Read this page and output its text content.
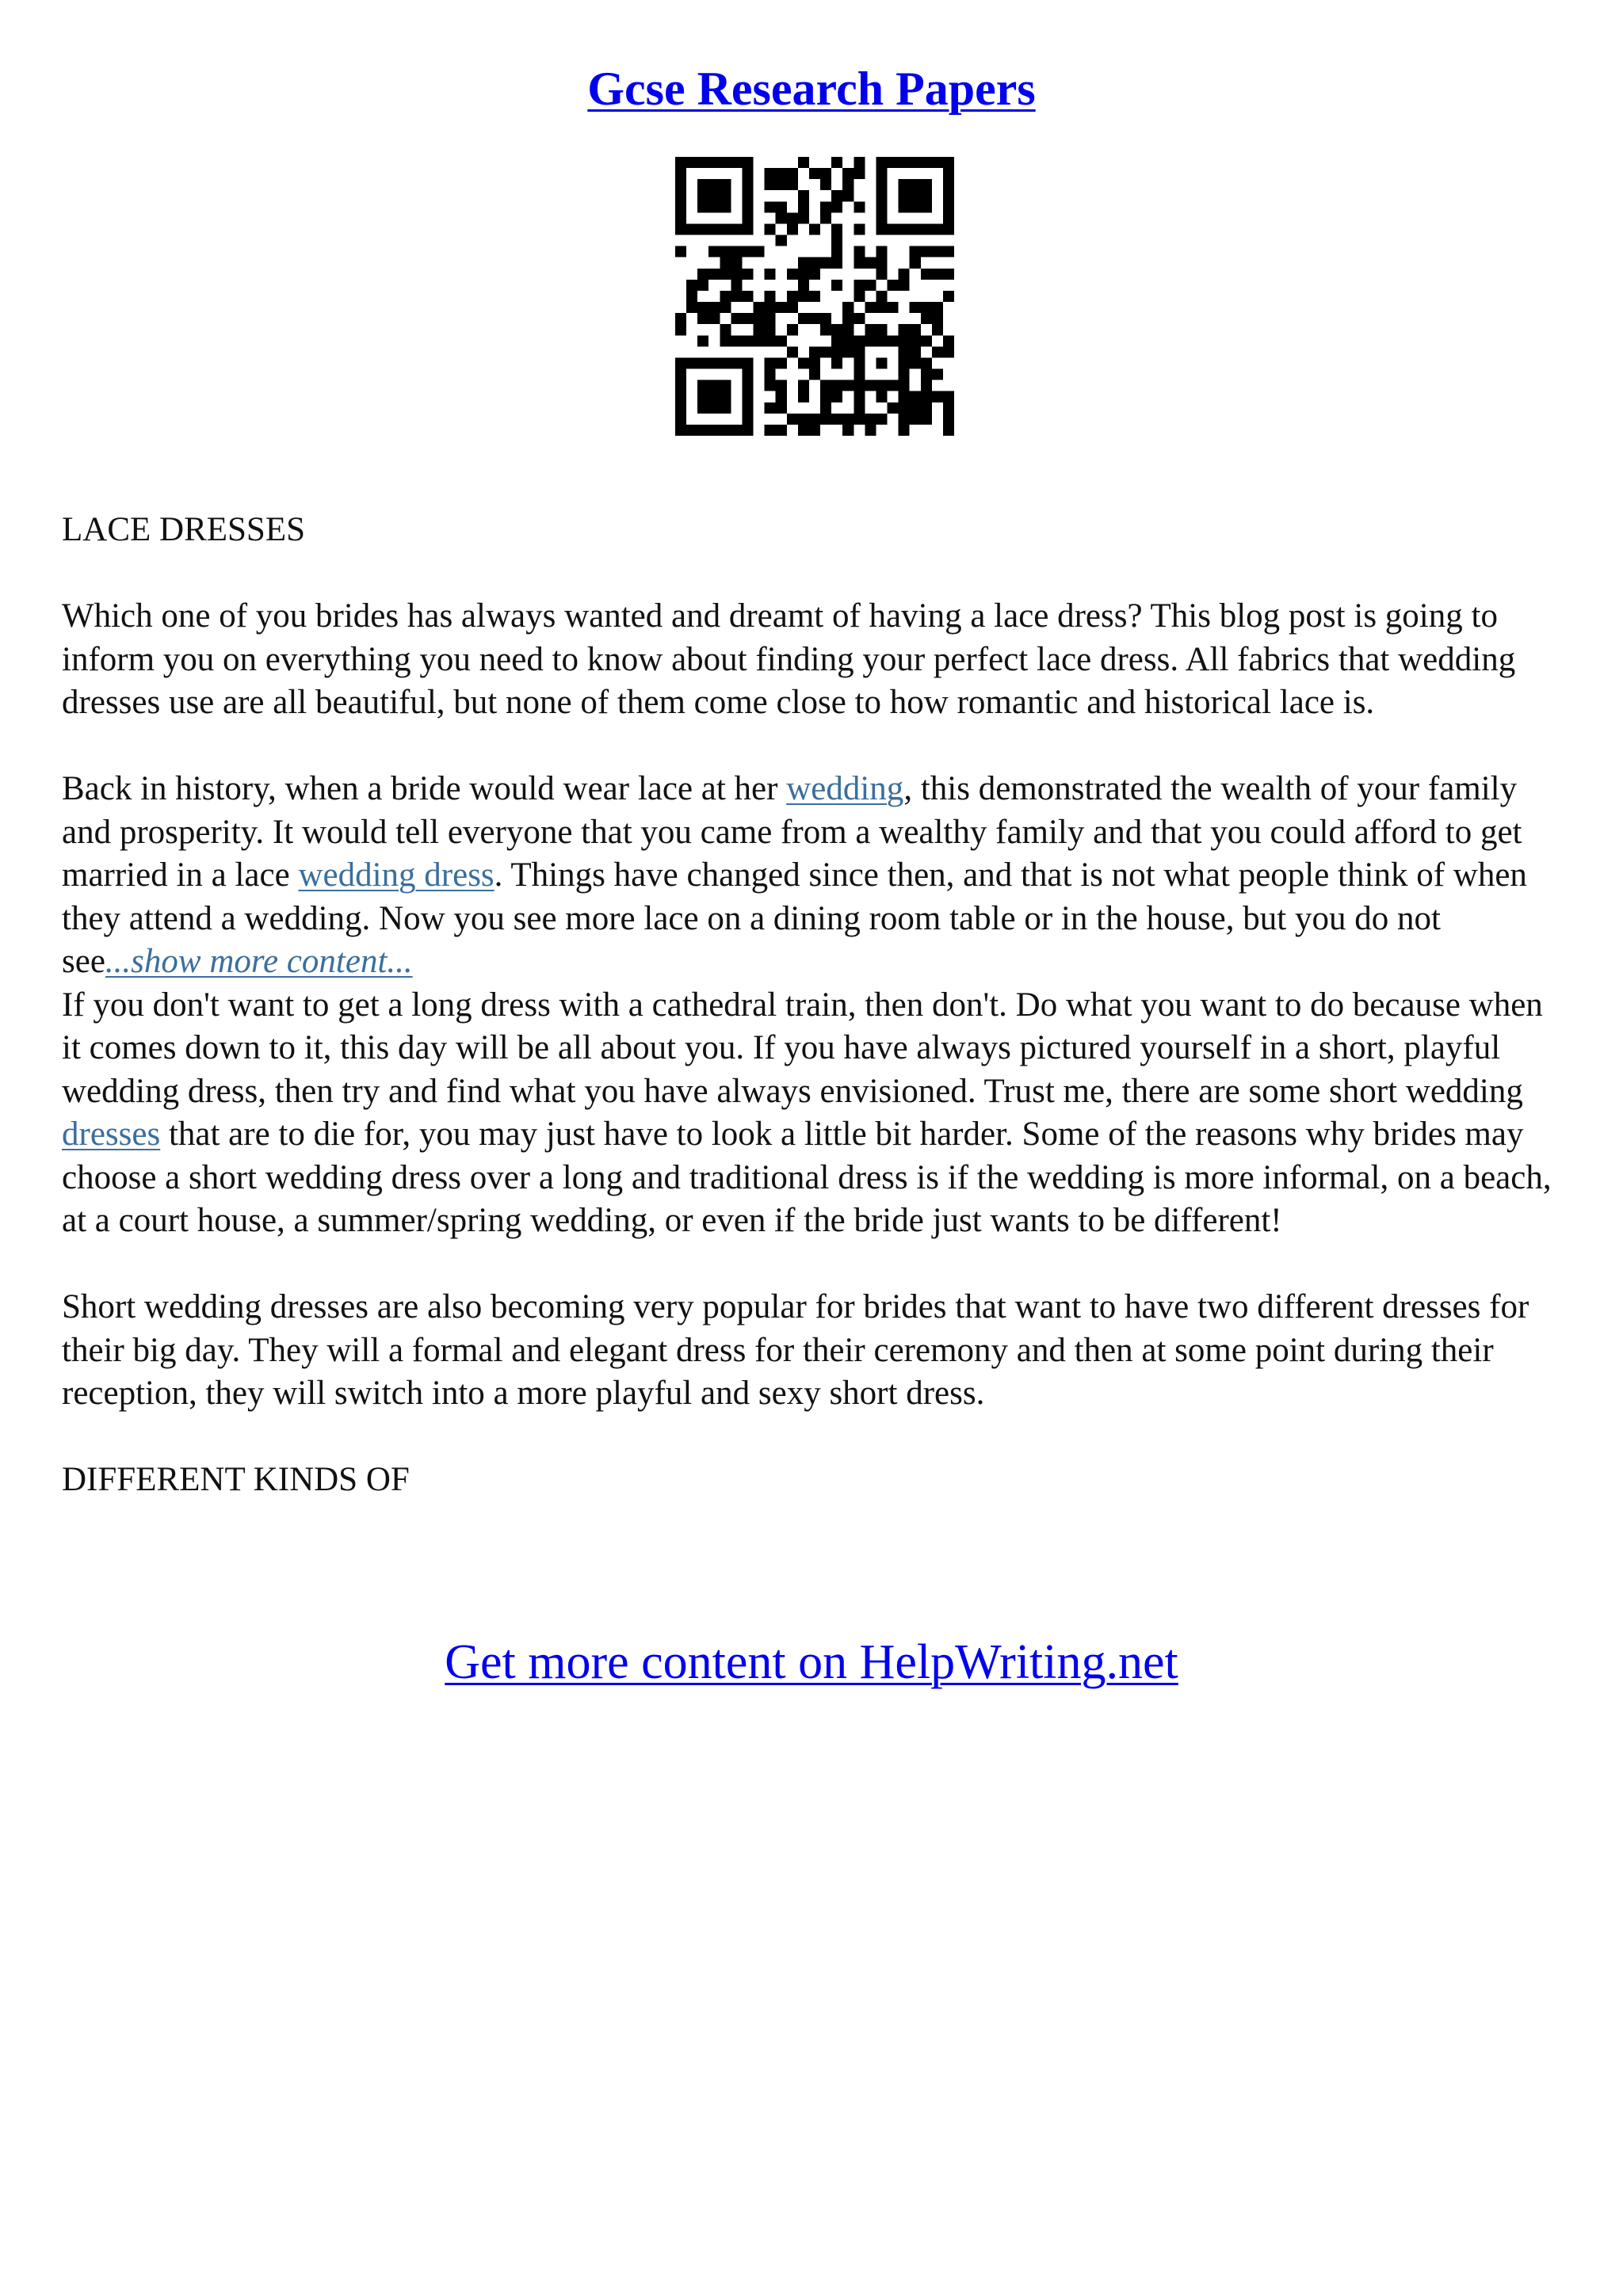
Gcse Research Papers

LACE DRESSES

Which one of you brides has always wanted and dreamt of having a lace dress? This blog post is going to inform you on everything you need to know about finding your perfect lace dress. All fabrics that wedding dresses use are all beautiful, but none of them come close to how romantic and historical lace is.

Back in history, when a bride would wear lace at her wedding, this demonstrated the wealth of your family and prosperity. It would tell everyone that you came from a wealthy family and that you could afford to get married in a lace wedding dress. Things have changed since then, and that is not what people think of when they attend a wedding. Now you see more lace on a dining room table or in the house, but you do not see...show more content...

If you don't want to get a long dress with a cathedral train, then don't. Do what you want to do because when it comes down to it, this day will be all about you. If you have always pictured yourself in a short, playful wedding dress, then try and find what you have always envisioned. Trust me, there are some short wedding dresses that are to die for, you may just have to look a little bit harder. Some of the reasons why brides may choose a short wedding dress over a long and traditional dress is if the wedding is more informal, on a beach, at a court house, a summer/spring wedding, or even if the bride just wants to be different!

Short wedding dresses are also becoming very popular for brides that want to have two different dresses for their big day. They will a formal and elegant dress for their ceremony and then at some point during their reception, they will switch into a more playful and sexy short dress.

DIFFERENT KINDS OF

Get more content on HelpWriting.net
